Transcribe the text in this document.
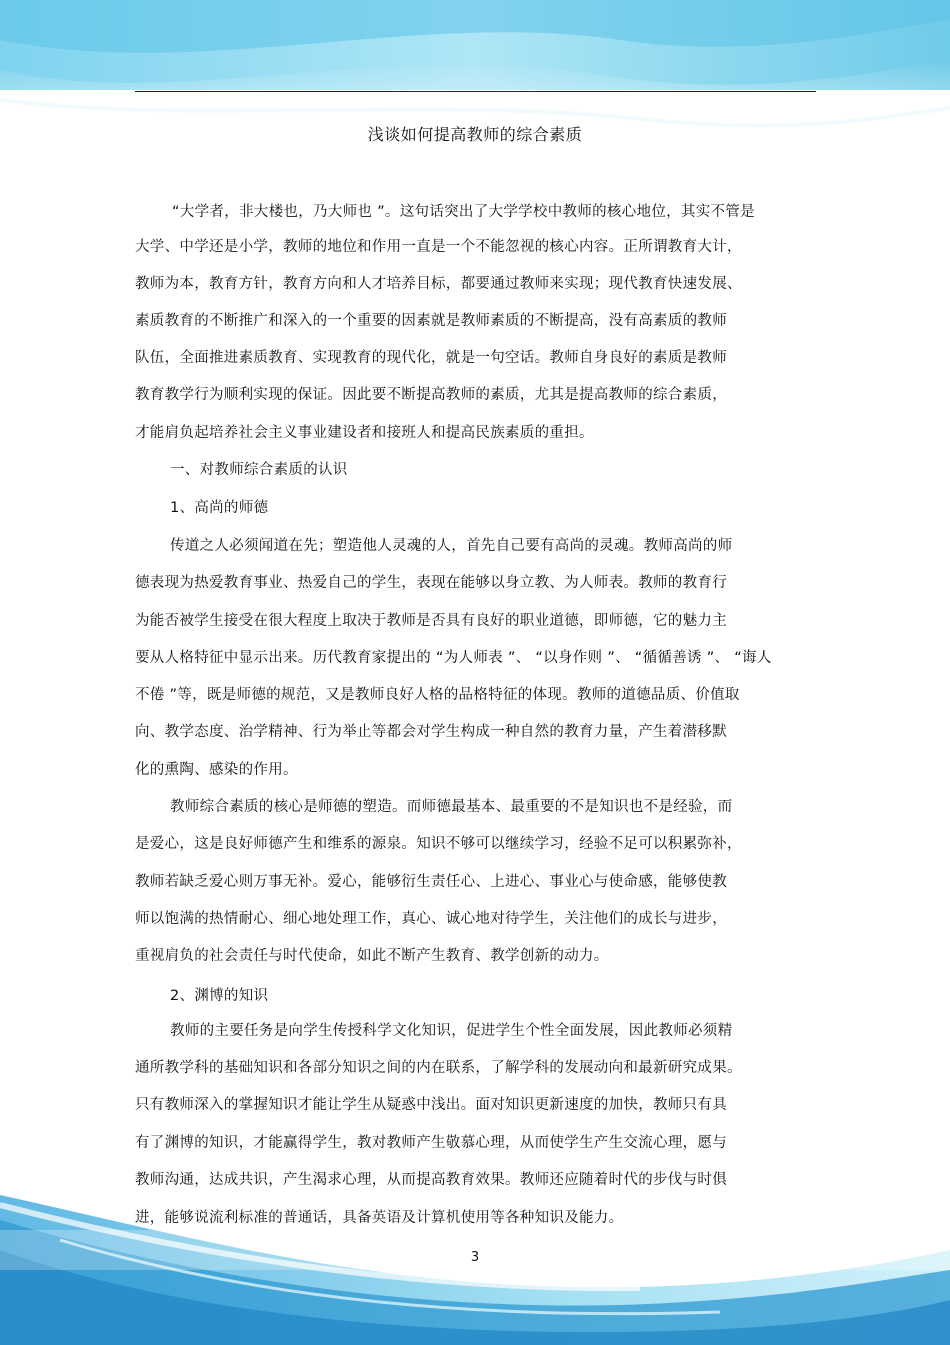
浅谈如何提高教师的综合素质
“大学者，非大楼也，乃大师也 ”。这句话突出了大学学校中教师的核心地位，其实不管是
大学、中学还是小学，教师的地位和作用一直是一个不能忽视的核心内容。正所谓教育大计，
教师为本，教育方针，教育方向和人才培养目标，都要通过教师来实现；现代教育快速发展、
素质教育的不断推广和深入的一个重要的因素就是教师素质的不断提高，没有高素质的教师
队伍，全面推进素质教育、实现教育的现代化，就是一句空话。教师自身良好的素质是教师
教育教学行为顺利实现的保证。因此要不断提高教师的素质，尤其是提高教师的综合素质，
才能肩负起培养社会主义事业建设者和接班人和提高民族素质的重担。
一、对教师综合素质的认识
1、高尚的师德
传道之人必须闻道在先；塑造他人灵魂的人，首先自己要有高尚的灵魂。教师高尚的师
德表现为热爱教育事业、热爱自己的学生，表现在能够以身立教、为人师表。教师的教育行
为能否被学生接受在很大程度上取决于教师是否具有良好的职业道德，即师德，它的魅力主
要从人格特征中显示出来。历代教育家提出的 “为人师表 ”、 “以身作则 ”、 “循循善诱 ”、 “诲人
不倦 ”等，既是师德的规范，又是教师良好人格的品格特征的体现。教师的道德品质、价值取
向、教学态度、治学精神、行为举止等都会对学生构成一种自然的教育力量，产生着潜移默
化的熏陶、感染的作用。
教师综合素质的核心是师德的塑造。而师德最基本、最重要的不是知识也不是经验，而
是爱心，这是良好师德产生和维系的源泉。知识不够可以继续学习，经验不足可以积累弥补，
教师若缺乏爱心则万事无补。爱心，能够衍生责任心、上进心、事业心与使命感，能够使教
师以饱满的热情耐心、细心地处理工作，真心、诚心地对待学生，关注他们的成长与进步，
重视肩负的社会责任与时代使命，如此不断产生教育、教学创新的动力。
2、渊博的知识
教师的主要任务是向学生传授科学文化知识，促进学生个性全面发展，因此教师必须精
通所教学科的基础知识和各部分知识之间的内在联系，了解学科的发展动向和最新研究成果。
只有教师深入的掌握知识才能让学生从疑惑中浅出。面对知识更新速度的加快，教师只有具
有了渊博的知识，才能赢得学生，教对教师产生敬慕心理，从而使学生产生交流心理，愿与
教师沟通，达成共识，产生渴求心理，从而提高教育效果。教师还应随着时代的步伐与时俱
进，能够说流利标准的普通话，具备英语及计算机使用等各种知识及能力。
3
